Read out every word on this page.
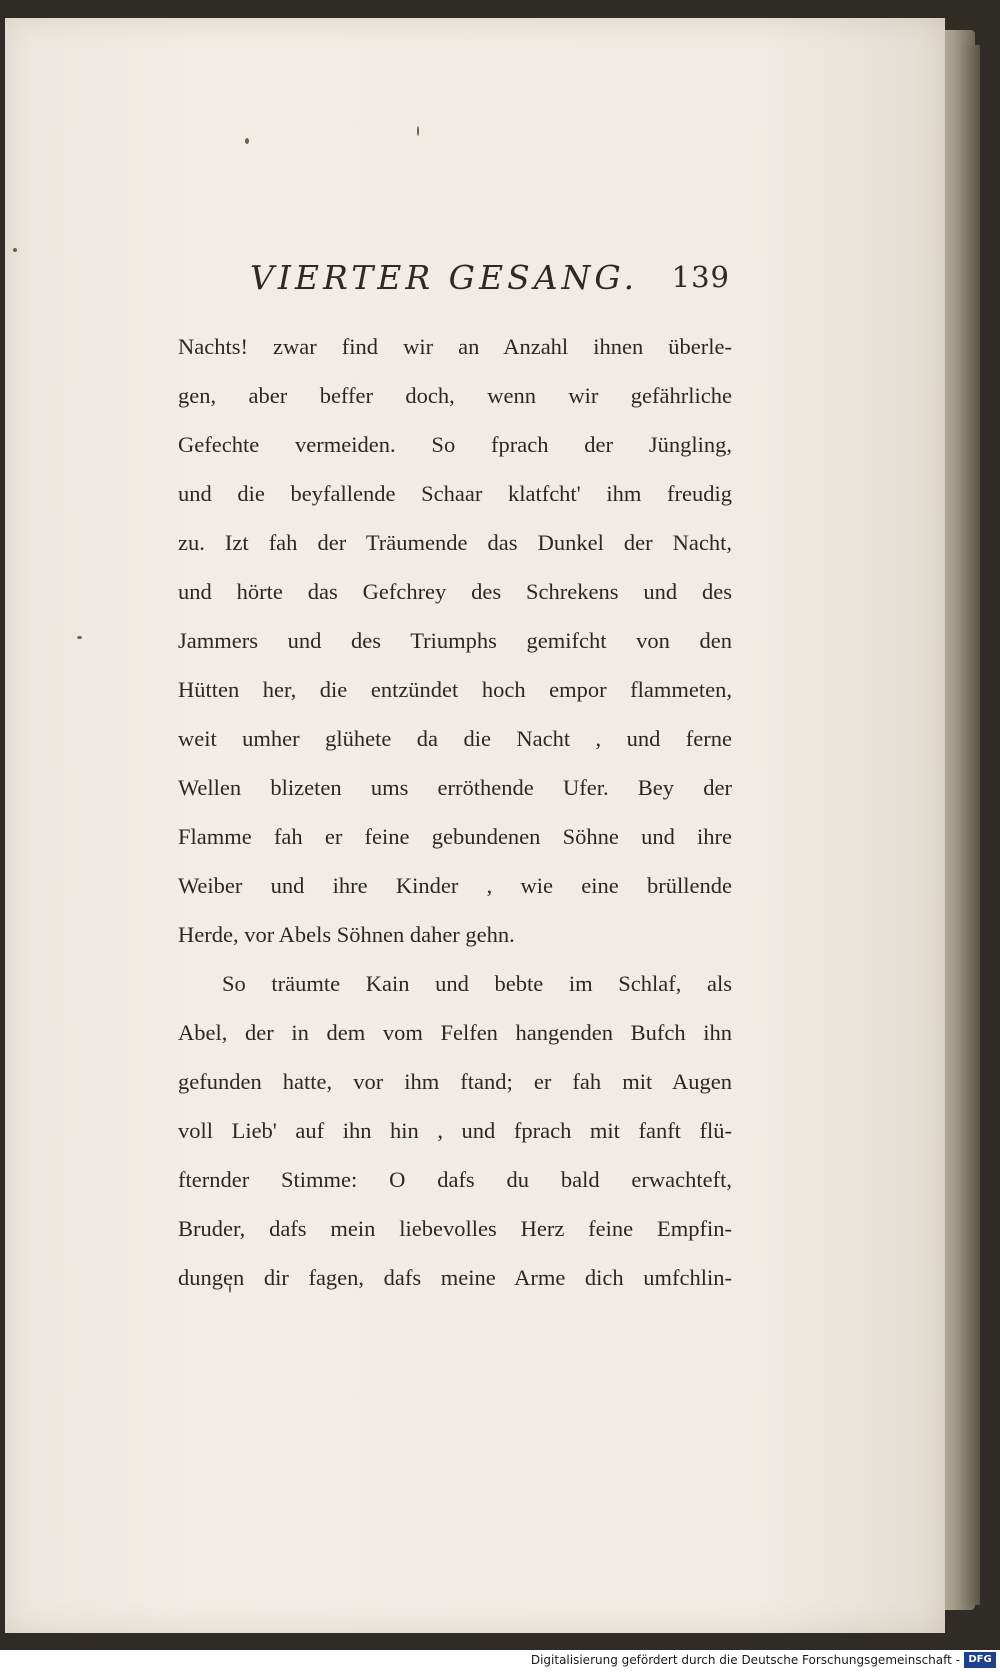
VIERTER GESANG. 139
Nachts! zwar find wir an Anzahl ihnen überle-
gen, aber beffer doch, wenn wir gefährliche
Gefechte vermeiden. So fprach der Jüngling,
und die beyfallende Schaar klatfcht' ihm freudig
zu. Izt fah der Träumende das Dunkel der Nacht,
und hörte das Gefchrey des Schrekens und des
Jammers und des Triumphs gemifcht von den
Hütten her, die entzündet hoch empor flammeten,
weit umher glühete da die Nacht , und ferne
Wellen blizeten ums erröthende Ufer. Bey der
Flamme fah er feine gebundenen Söhne und ihre
Weiber und ihre Kinder , wie eine brüllende
Herde, vor Abels Söhnen daher gehn.
So träumte Kain und bebte im Schlaf, als
Abel, der in dem vom Felfen hangenden Bufch ihn
gefunden hatte, vor ihm ftand; er fah mit Augen
voll Lieb' auf ihn hin , und fprach mit fanft flü-
fternder Stimme: O dafs du bald erwachteft,
Bruder, dafs mein liebevolles Herz feine Empfin-
dungen dir fagen, dafs meine Arme dich umfchlin-
Digitalisierung gefördert durch die Deutsche Forschungsgemeinschaft - DFG
